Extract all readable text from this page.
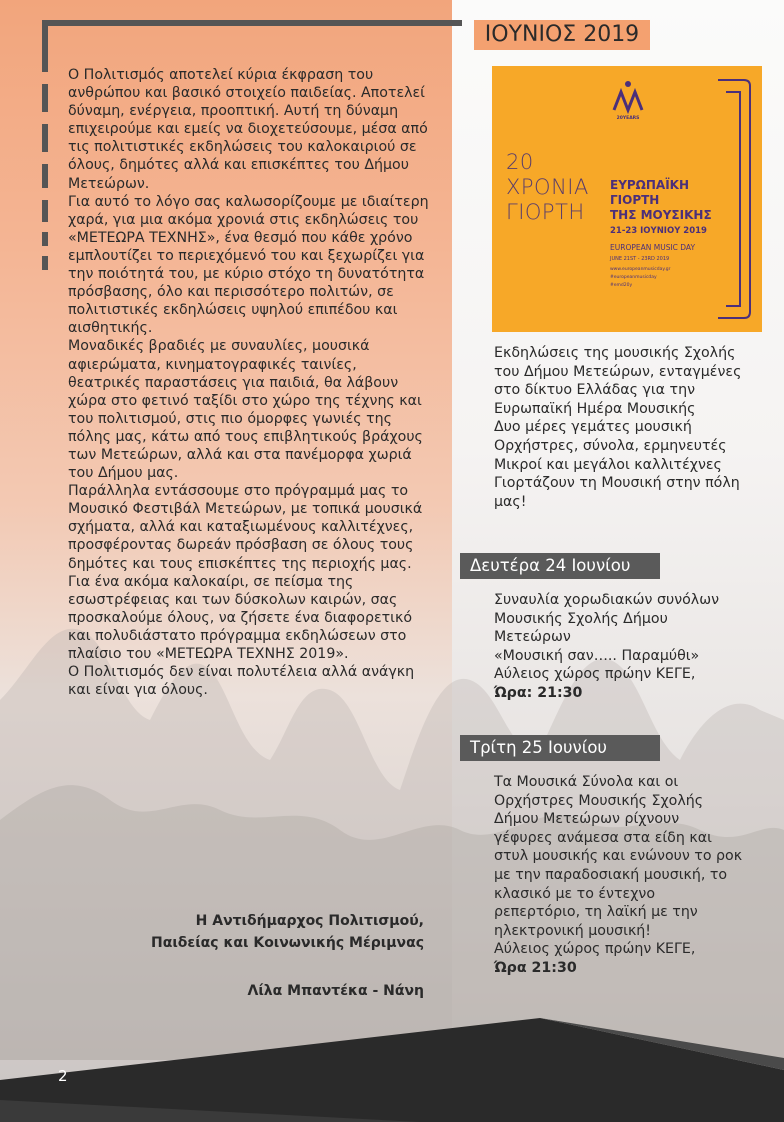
ΙΟΥΝΙΟΣ 2019

Ο Πολιτισμός αποτελεί κύρια έκφραση του ανθρώπου και βασικό στοιχείο παιδείας. Αποτελεί δύναμη, ενέργεια, προοπτική. Αυτή τη δύναμη επιχειρούμε και εμείς να διοχετεύσουμε, μέσα από τις πολιτιστικές εκδηλώσεις του καλοκαιριού σε όλους, δημότες αλλά και επισκέπτες του Δήμου Μετεώρων.

Για αυτό το λόγο σας καλωσορίζουμε με ιδιαίτερη χαρά, για μια ακόμα χρονιά στις εκδηλώσεις του «ΜΕΤΕΩΡΑ ΤΕΧΝΗΣ», ένα θεσμό που κάθε χρόνο εμπλουτίζει το περιεχόμενό του και ξεχωρίζει για την ποιότητά του, με κύριο στόχο τη δυνατότητα πρόσβασης, όλο και περισσότερο πολιτών, σε πολιτιστικές εκδηλώσεις υψηλού επιπέδου και αισθητικής.

Μοναδικές βραδιές με συναυλίες, μουσικά αφιερώματα, κινηματογραφικές ταινίες, θεατρικές παραστάσεις για παιδιά, θα λάβουν χώρα στο φετινό ταξίδι στο χώρο της τέχνης και του πολιτισμού, στις πιο όμορφες γωνιές της πόλης μας, κάτω από τους επιβλητικούς βράχους των Μετεώρων, αλλά και στα πανέμορφα χωριά του Δήμου μας.

Παράλληλα εντάσσουμε στο πρόγραμμά μας το Μουσικό Φεστιβάλ Μετεώρων, με τοπικά μουσικά σχήματα, αλλά και καταξιωμένους καλλιτέχνες, προσφέροντας δωρεάν πρόσβαση σε όλους τους δημότες και τους επισκέπτες της περιοχής μας.

Για ένα ακόμα καλοκαίρι, σε πείσμα της εσωστρέφειας και των δύσκολων καιρών, σας προσκαλούμε όλους, να ζήσετε ένα διαφορετικό και πολυδιάστατο πρόγραμμα εκδηλώσεων στο πλαίσιο του «ΜΕΤΕΩΡΑ ΤΕΧΝΗΣ 2019».

Ο Πολιτισμός δεν είναι πολυτέλεια αλλά ανάγκη και είναι για όλους.

Η Αντιδήμαρχος Πολιτισμού,
Παιδείας και Κοινωνικής Μέριμνας
Λίλα Μπαντέκα - Νάνη
20YEARS
20
ΧΡΟΝΙΑ
ΓΙΟΡΤΗ
ΕΥΡΩΠΑΪΚΗ
ΓΙΟΡΤΗ
ΤΗΣ ΜΟΥΣΙΚΗΣ
21-23 ΙΟΥΝΙΟΥ 2019
EUROPEAN MUSIC DAY
JUNE 21ST - 23RD 2019
www.europeanmusicday.gr
#europeanmusicday
#emd20y

Εκδηλώσεις της μουσικής Σχολής

του Δήμου Μετεώρων, ενταγμένες

στο δίκτυο Ελλάδας για την

Ευρωπαϊκή Ημέρα Μουσικής

Δυο μέρες γεμάτες μουσική

Ορχήστρες, σύνολα, ερμηνευτές

Μικροί και μεγάλοι καλλιτέχνες

Γιορτάζουν τη Μουσική στην πόλη

μας!

Δευτέρα 24 Ιουνίου

Συναυλία χορωδιακών συνόλων

Μουσικής Σχολής Δήμου

Μετεώρων

«Μουσική σαν….. Παραμύθι»

Αύλειος χώρος πρώην ΚΕΓΕ,

Ώρα: 21:30

Τρίτη 25 Ιουνίου

Τα Μουσικά Σύνολα και οι

Ορχήστρες Μουσικής Σχολής

Δήμου Μετεώρων ρίχνουν

γέφυρες ανάμεσα στα είδη και

στυλ μουσικής και ενώνουν το ροκ

με την παραδοσιακή μουσική, το

κλασικό με το έντεχνο

ρεπερτόριο, τη λαϊκή με την

ηλεκτρονική μουσική!

Αύλειος χώρος πρώην ΚΕΓΕ,

Ώρα 21:30

2
